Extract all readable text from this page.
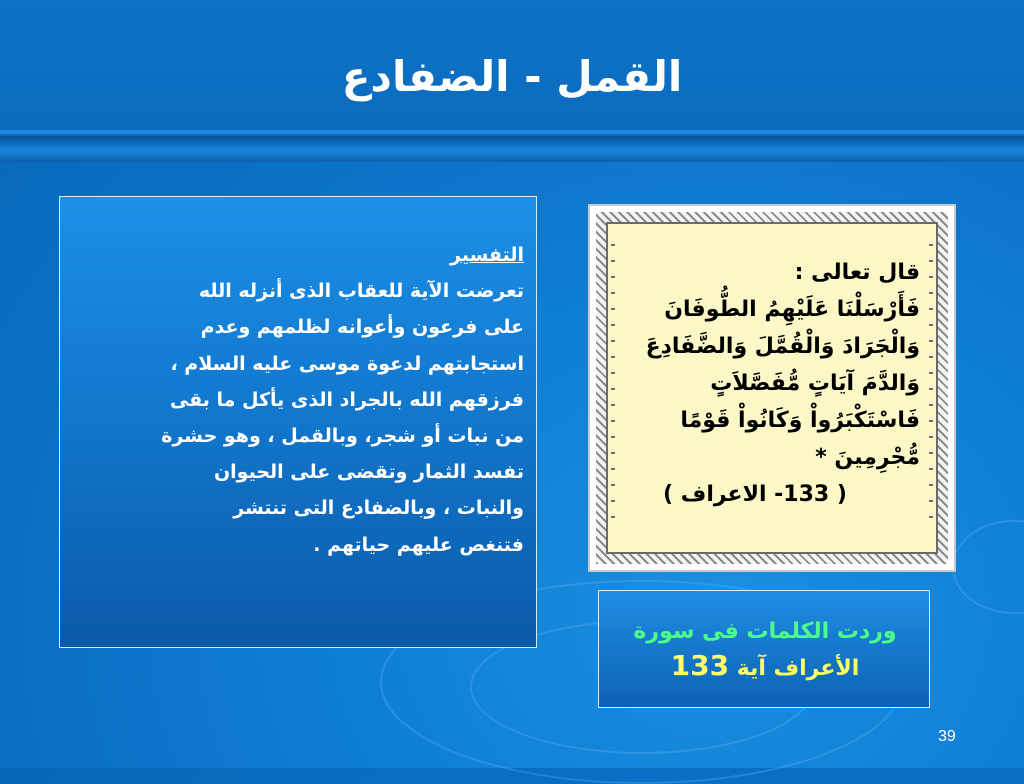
القمل - الضفادع
التفسير
تعرضت الآية للعقاب الذى أنزله الله
على فرعون وأعوانه لظلمهم وعدم
استجابتهم لدعوة موسى عليه السلام ،
فرزقهم الله بالجراد الذى يأكل ما بقى
من نبات أو شجر، وبالقمل ، وهو حشرة
تفسد الثمار وتقضى على الحيوان
والنبات ، وبالضفادع التى تنتشر
فتنغص عليهم حياتهم .
قال تعالى :
فَأَرْسَلْنَا عَلَيْهِمُ الطُّوفَانَ
وَالْجَرَادَ وَالْقُمَّلَ وَالضَّفَادِعَ
وَالدَّمَ آيَاتٍ مُّفَصَّلاَتٍ
فَاسْتَكْبَرُواْ وَكَانُواْ قَوْمًا
مُّجْرِمِينَ *
( 133- الاعراف )
وردت الكلمات فى سورة
الأعراف آية 133
39
